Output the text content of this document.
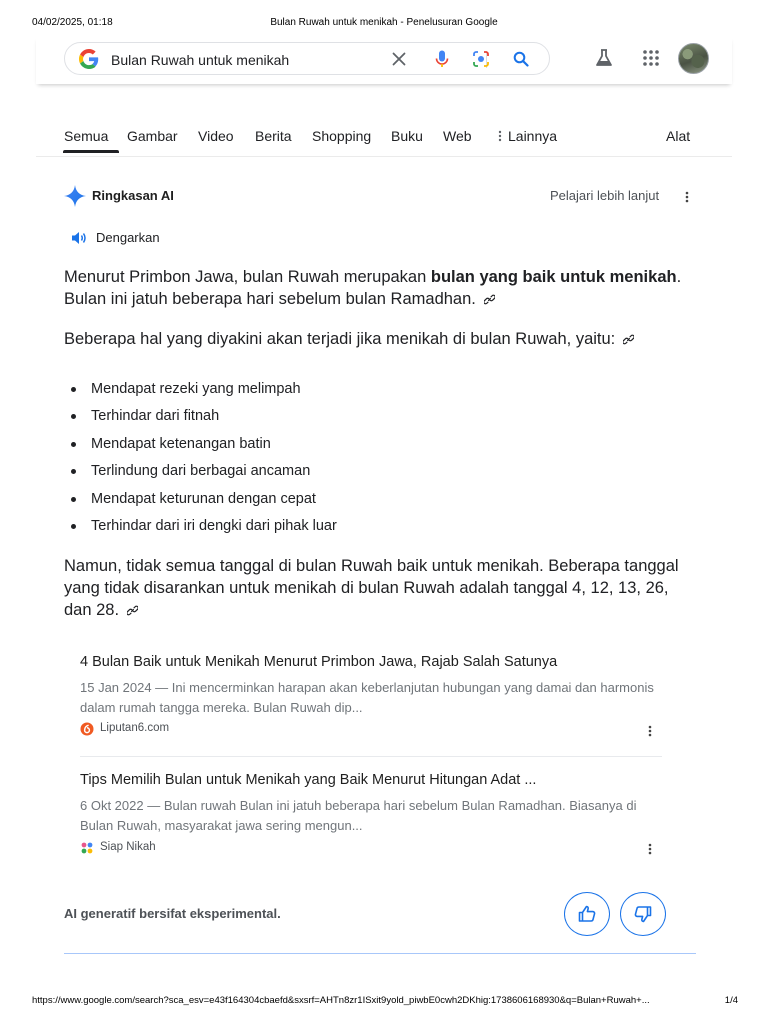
04/02/2025, 01:18	Bulan Ruwah untuk menikah - Penelusuran Google
Bulan Ruwah untuk menikah
Semua Gambar Video Berita Shopping Buku Web	Lainnya	Alat
Ringkasan AI	Pelajari lebih lanjut
Dengarkan

Menurut Primbon Jawa, bulan Ruwah merupakan bulan yang baik untuk menikah. Bulan ini jatuh beberapa hari sebelum bulan Ramadhan.

Beberapa hal yang diyakini akan terjadi jika menikah di bulan Ruwah, yaitu:

Mendapat rezeki yang melimpah
Terhindar dari fitnah
Mendapat ketenangan batin
Terlindung dari berbagai ancaman
Mendapat keturunan dengan cepat
Terhindar dari iri dengki dari pihak luar

Namun, tidak semua tanggal di bulan Ruwah baik untuk menikah. Beberapa tanggal yang tidak disarankan untuk menikah di bulan Ruwah adalah tanggal 4, 12, 13, 26, dan 28.

4 Bulan Baik untuk Menikah Menurut Primbon Jawa, Rajab Salah Satunya

15 Jan 2024 — Ini mencerminkan harapan akan keberlanjutan hubungan yang damai dan harmonis dalam rumah tangga mereka. Bulan Ruwah dip...

Liputan6.com
Tips Memilih Bulan untuk Menikah yang Baik Menurut Hitungan Adat ...

6 Okt 2022 — Bulan ruwah Bulan ini jatuh beberapa hari sebelum Bulan Ramadhan. Biasanya di Bulan Ruwah, masyarakat jawa sering mengun...

Siap Nikah
AI generatif bersifat eksperimental.
https://www.google.com/search?sca_esv=e43f164304cbaefd&sxsrf=AHTn8zr1ISxit9yold_piwbE0cwh2DKhig:1738606168930&q=Bulan+Ruwah+...	1/4
